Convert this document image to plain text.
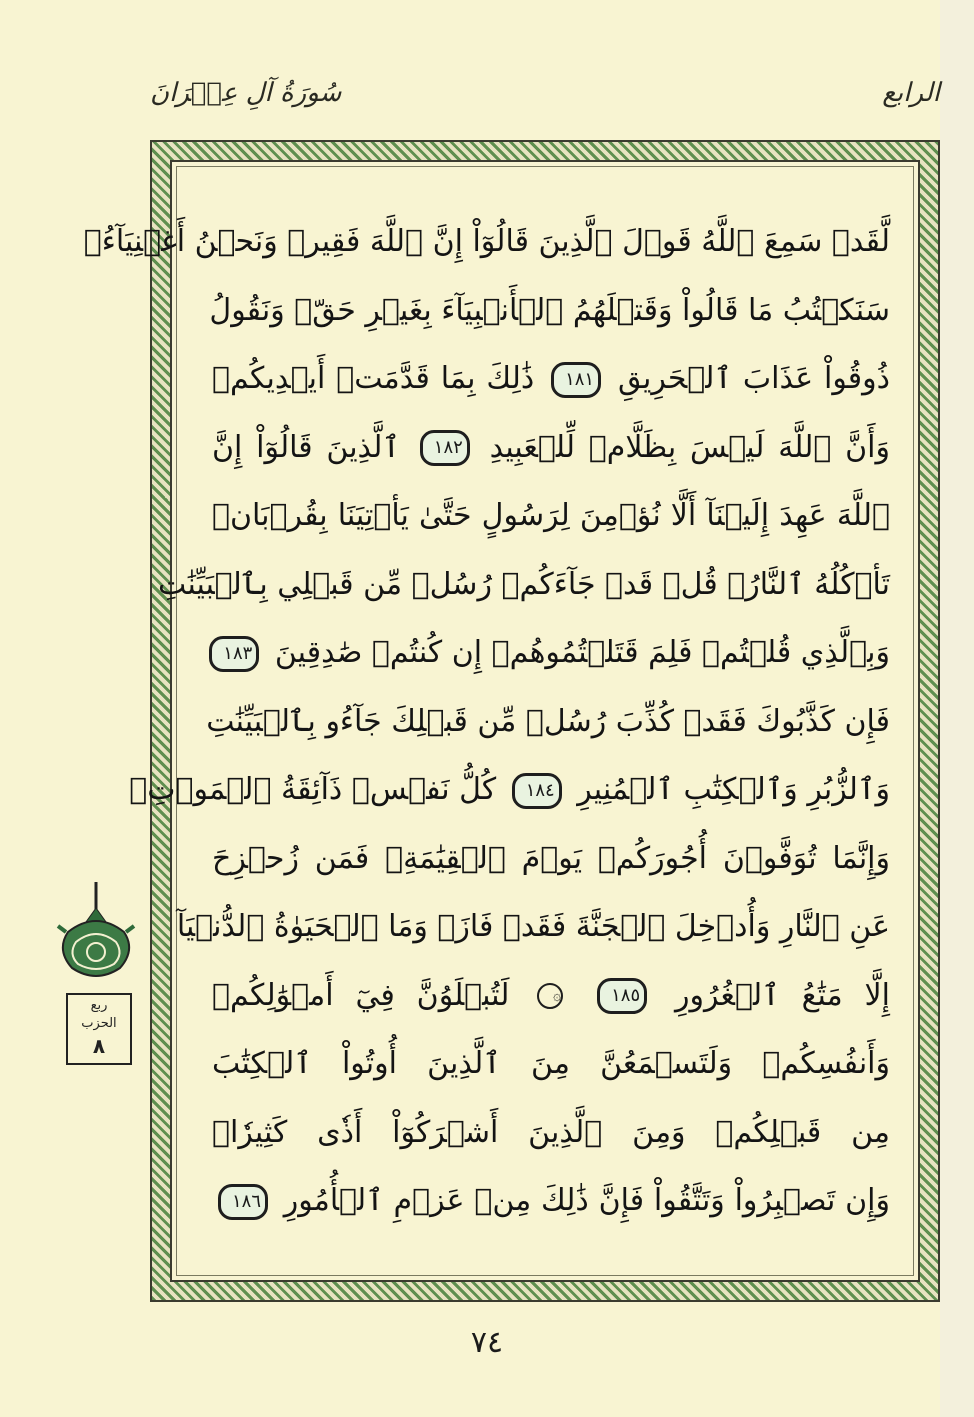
الرابع
سُورَةُ آلِ عِمۡرَانَ
لَّقَدۡ سَمِعَ ٱللَّهُ قَوۡلَ ٱلَّذِينَ قَالُوٓاْ إِنَّ ٱللَّهَ فَقِيرٞ وَنَحۡنُ أَغۡنِيَآءُۘ
سَنَكۡتُبُ مَا قَالُواْ وَقَتۡلَهُمُ ٱلۡأَنۢبِيَآءَ بِغَيۡرِ حَقّٖ وَنَقُولُ
ذُوقُواْ عَذَابَ ٱلۡحَرِيقِ ١٨١ ذَٰلِكَ بِمَا قَدَّمَتۡ أَيۡدِيكُمۡ
وَأَنَّ ٱللَّهَ لَيۡسَ بِظَلَّامٖ لِّلۡعَبِيدِ ١٨٢ ٱلَّذِينَ قَالُوٓاْ إِنَّ
ٱللَّهَ عَهِدَ إِلَيۡنَآ أَلَّا نُؤۡمِنَ لِرَسُولٍ حَتَّىٰ يَأۡتِيَنَا بِقُرۡبَانٖ
تَأۡكُلُهُ ٱلنَّارُۗ قُلۡ قَدۡ جَآءَكُمۡ رُسُلٞ مِّن قَبۡلِي بِٱلۡبَيِّنَٰتِ
وَبِٱلَّذِي قُلۡتُمۡ فَلِمَ قَتَلۡتُمُوهُمۡ إِن كُنتُمۡ صَٰدِقِينَ ١٨٣
فَإِن كَذَّبُوكَ فَقَدۡ كُذِّبَ رُسُلٞ مِّن قَبۡلِكَ جَآءُو بِٱلۡبَيِّنَٰتِ
وَٱلزُّبُرِ وَٱلۡكِتَٰبِ ٱلۡمُنِيرِ ١٨٤ كُلُّ نَفۡسٖ ذَآئِقَةُ ٱلۡمَوۡتِۗ
وَإِنَّمَا تُوَفَّوۡنَ أُجُورَكُمۡ يَوۡمَ ٱلۡقِيَٰمَةِۖ فَمَن زُحۡزِحَ
عَنِ ٱلنَّارِ وَأُدۡخِلَ ٱلۡجَنَّةَ فَقَدۡ فَازَۗ وَمَا ٱلۡحَيَوٰةُ ٱلدُّنۡيَآ
إِلَّا مَتَٰعُ ٱلۡغُرُورِ ١٨٥ ۞ لَتُبۡلَوُنَّ فِيٓ أَمۡوَٰلِكُمۡ
وَأَنفُسِكُمۡ وَلَتَسۡمَعُنَّ مِنَ ٱلَّذِينَ أُوتُواْ ٱلۡكِتَٰبَ
مِن قَبۡلِكُمۡ وَمِنَ ٱلَّذِينَ أَشۡرَكُوٓاْ أَذٗى كَثِيرٗاۚ
وَإِن تَصۡبِرُواْ وَتَتَّقُواْ فَإِنَّ ذَٰلِكَ مِنۡ عَزۡمِ ٱلۡأُمُورِ ١٨٦
ربع
الحزب
٨
٧٤
